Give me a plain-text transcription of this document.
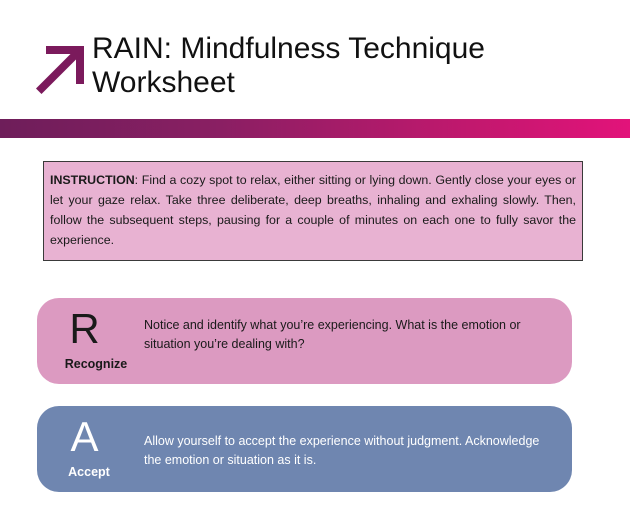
RAIN: Mindfulness Technique
Worksheet
INSTRUCTION: Find a cozy spot to relax, either sitting or lying down. Gently close your eyes or let your gaze relax. Take three deliberate, deep breaths, inhaling and exhaling slowly. Then, follow the subsequent steps, pausing for a couple of minutes on each one to fully savor the experience.
R
Recognize
Notice and identify what you’re experiencing. What is the emotion or situation you’re dealing with?
A
Accept
Allow yourself to accept the experience without judgment. Acknowledge the emotion or situation as it is.
